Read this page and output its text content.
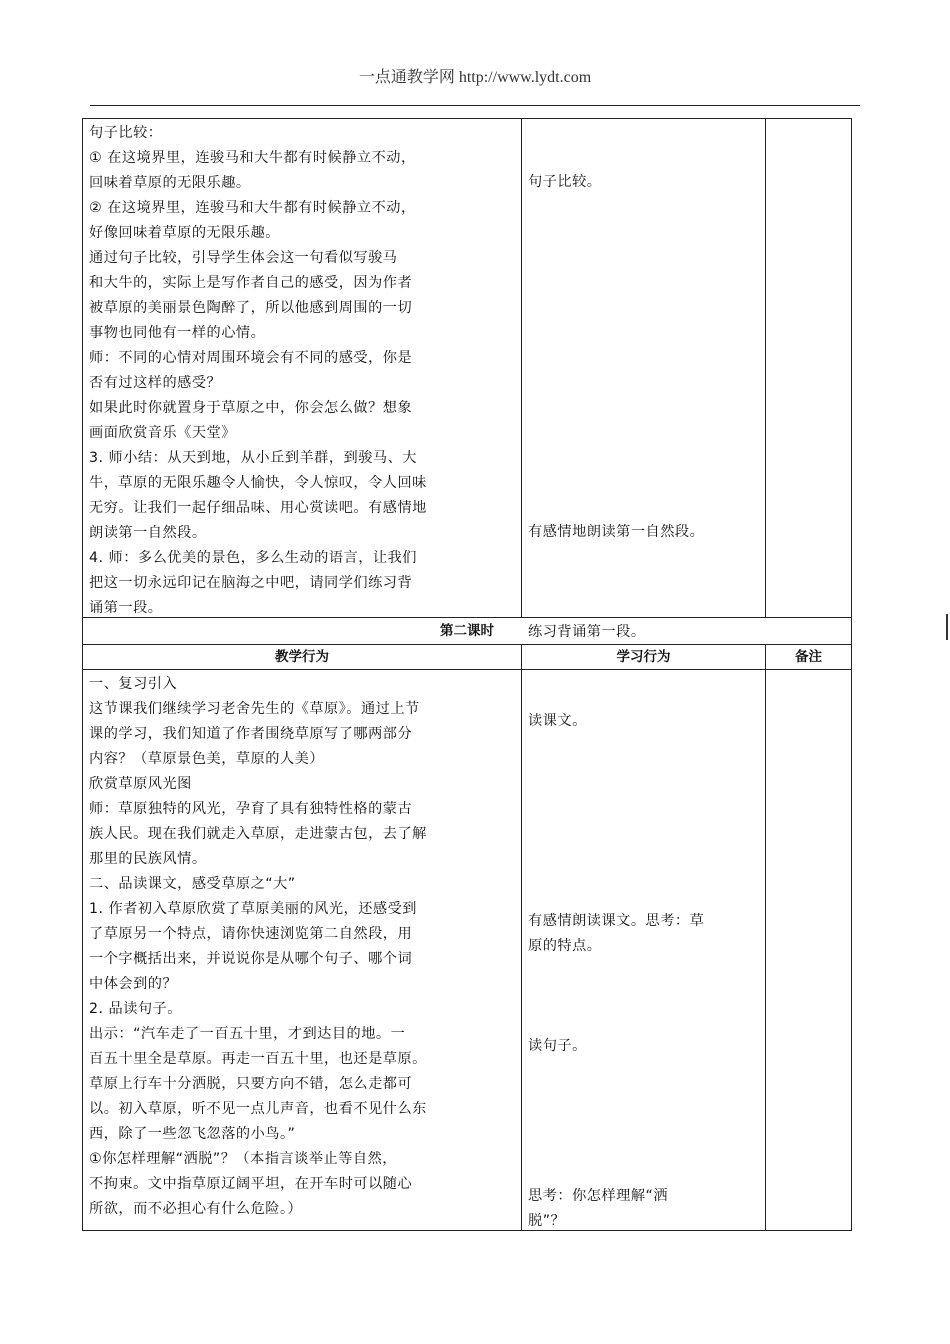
一点通教学网 http://www.lydt.com
句子比较：
① 在这境界里，连骏马和大牛都有时候静立不动，
回味着草原的无限乐趣。
② 在这境界里，连骏马和大牛都有时候静立不动，
好像回味着草原的无限乐趣。
通过句子比较，引导学生体会这一句看似写骏马
和大牛的，实际上是写作者自己的感受，因为作者
被草原的美丽景色陶醉了，所以他感到周围的一切
事物也同他有一样的心情。
师：不同的心情对周围环境会有不同的感受，你是
否有过这样的感受？
如果此时你就置身于草原之中，你会怎么做？想象
画面欣赏音乐《天堂》
3. 师小结：从天到地，从小丘到羊群，到骏马、大
牛，草原的无限乐趣令人愉快，令人惊叹，令人回味
无穷。让我们一起仔细品味、用心赏读吧。有感情地
朗读第一自然段。
4. 师：多么优美的景色，多么生动的语言，让我们
把这一切永远印记在脑海之中吧，请同学们练习背
诵第一段。

句子比较。

有感情地朗读第一自然段。

练习背诵第一段。
第二课时
教学行为	学习行为	备注
一、复习引入
这节课我们继续学习老舍先生的《草原》。通过上节
课的学习，我们知道了作者围绕草原写了哪两部分
内容？（草原景色美，草原的人美）
欣赏草原风光图
师：草原独特的风光，孕育了具有独特性格的蒙古
族人民。现在我们就走入草原，走进蒙古包，去了解
那里的民族风情。
二、品读课文，感受草原之“大”
1. 作者初入草原欣赏了草原美丽的风光，还感受到
了草原另一个特点，请你快速浏览第二自然段，用
一个字概括出来，并说说你是从哪个句子、哪个词
中体会到的？
2. 品读句子。
出示：“汽车走了一百五十里，才到达目的地。一
百五十里全是草原。再走一百五十里，也还是草原。
草原上行车十分洒脱，只要方向不错，怎么走都可
以。初入草原，听不见一点儿声音，也看不见什么东
西，除了一些忽飞忽落的小鸟。”
①你怎样理解“洒脱”？（本指言谈举止等自然，
不拘束。文中指草原辽阔平坦，在开车时可以随心
所欲，而不必担心有什么危险。）

读课文。

有感情朗读课文。思考：草
原的特点。

读句子。

思考：你怎样理解“洒
脱”？
